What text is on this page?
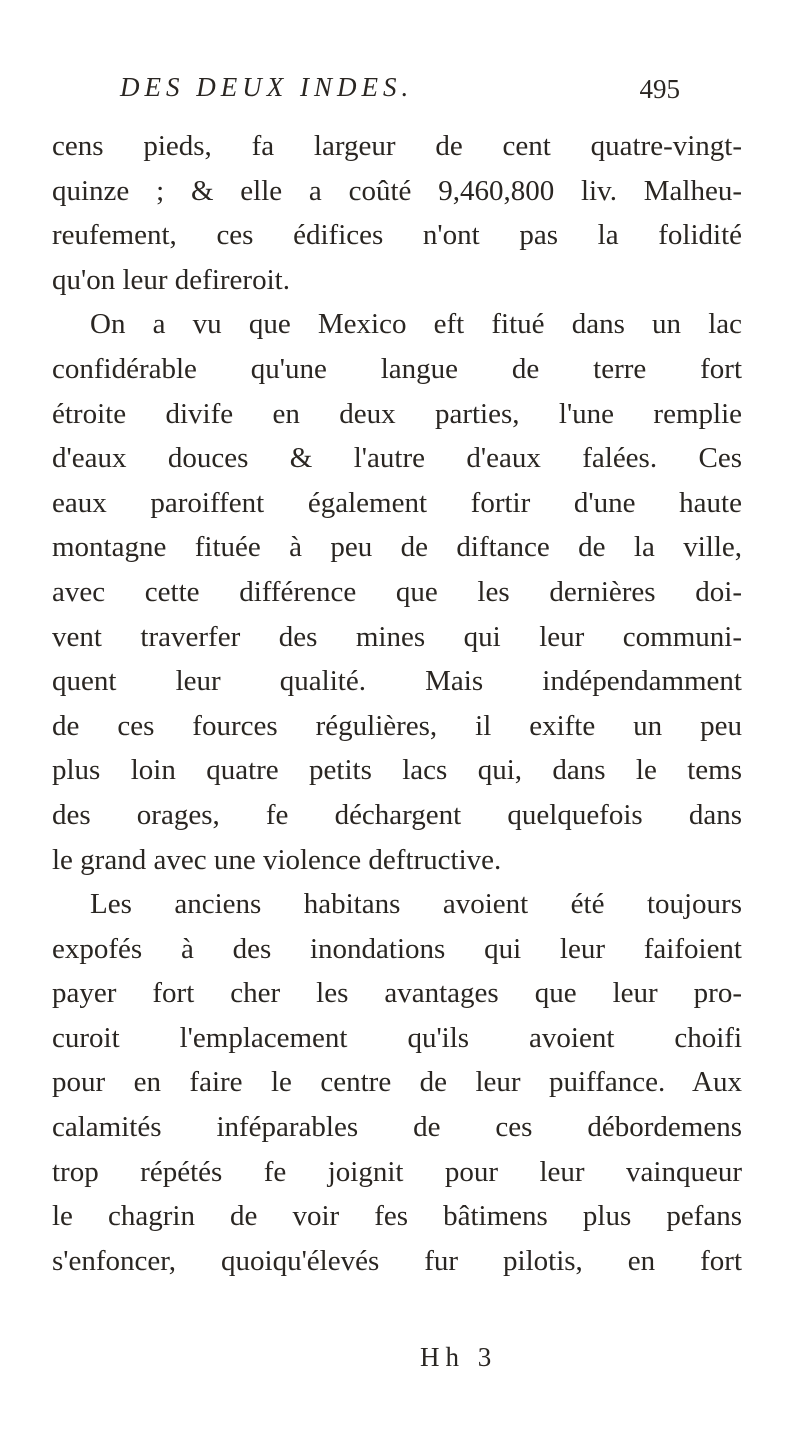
DES DEUX INDES.	495
cens pieds, fa largeur de cent quatre-vingt-
quinze ; & elle a coûté 9,460,800 liv. Malheu-
reufement, ces édifices n'ont pas la folidité
qu'on leur defireroit.
On a vu que Mexico eft fitué dans un lac
confidérable qu'une langue de terre fort
étroite divife en deux parties, l'une remplie
d'eaux douces & l'autre d'eaux falées. Ces
eaux paroiffent également fortir d'une haute
montagne fituée à peu de diftance de la ville,
avec cette différence que les dernières doi-
vent traverfer des mines qui leur communi-
quent leur qualité. Mais indépendamment
de ces fources régulières, il exifte un peu
plus loin quatre petits lacs qui, dans le tems
des orages, fe déchargent quelquefois dans
le grand avec une violence deftructive.
Les anciens habitans avoient été toujours
expofés à des inondations qui leur faifoient
payer fort cher les avantages que leur pro-
curoit l'emplacement qu'ils avoient choifi
pour en faire le centre de leur puiffance. Aux
calamités inféparables de ces débordemens
trop répétés fe joignit pour leur vainqueur
le chagrin de voir fes bâtimens plus pefans
s'enfoncer, quoiqu'élevés fur pilotis, en fort
Hh 3
